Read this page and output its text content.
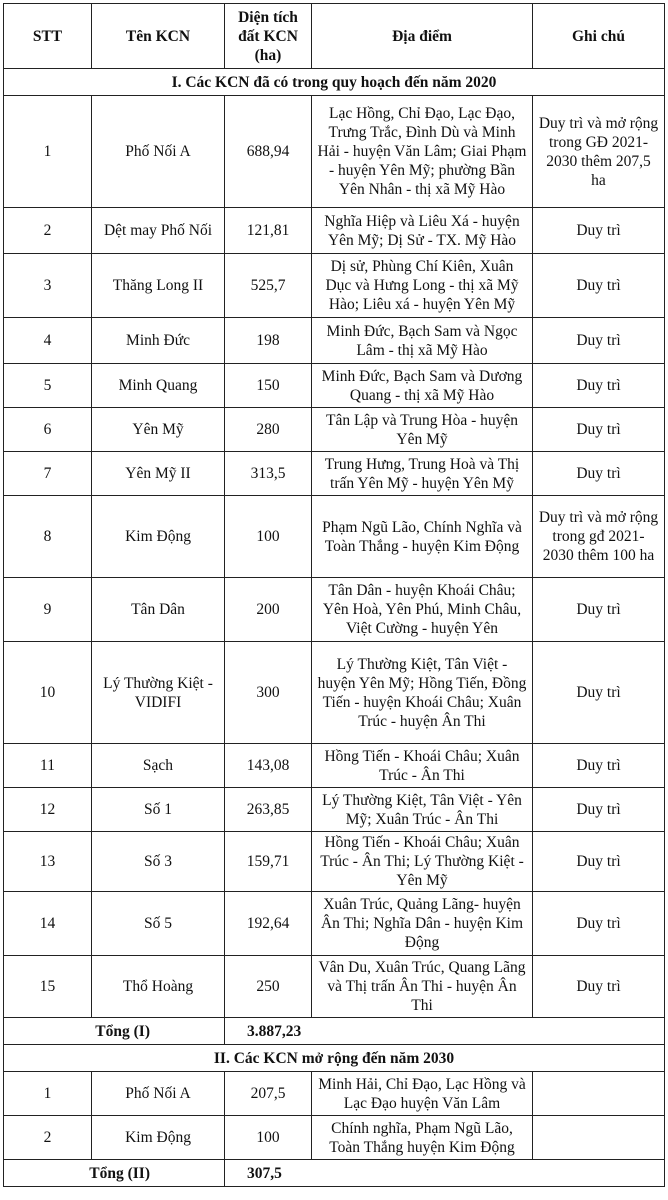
STT	Tên KCN	Diện tích đất KCN (ha)	Địa điểm	Ghi chú
I. Các KCN đã có trong quy hoạch đến năm 2020				
1	Phố Nối A	688,94	Lạc Hồng, Chỉ Đạo, Lạc Đạo, Trưng Trắc, Đình Dù và Minh Hải - huyện Văn Lâm; Giai Phạm - huyện Yên Mỹ; phường Bần Yên Nhân - thị xã Mỹ Hào	Duy trì và mở rộng trong GĐ 2021-2030 thêm 207,5 ha
2	Dệt may Phố Nối	121,81	Nghĩa Hiệp và Liêu Xá - huyện Yên Mỹ; Dị Sử - TX. Mỹ Hào	Duy trì
3	Thăng Long II	525,7	Dị sử, Phùng Chí Kiên, Xuân Dục và Hưng Long - thị xã Mỹ Hào; Liêu xá - huyện Yên Mỹ	Duy trì
4	Minh Đức	198	Minh Đức, Bạch Sam và Ngọc Lâm - thị xã Mỹ Hào	Duy trì
5	Minh Quang	150	Minh Đức, Bạch Sam và Dương Quang - thị xã Mỹ Hào	Duy trì
6	Yên Mỹ	280	Tân Lập và Trung Hòa - huyện Yên Mỹ	Duy trì
7	Yên Mỹ II	313,5	Trung Hưng, Trung Hoà và Thị trấn Yên Mỹ - huyện Yên Mỹ	Duy trì
8	Kim Động	100	Phạm Ngũ Lão, Chính Nghĩa và Toàn Thắng - huyện Kim Động	Duy trì và mở rộng trong gđ 2021-2030 thêm 100 ha
9	Tân Dân	200	Tân Dân - huyện Khoái Châu; Yên Hoà, Yên Phú, Minh Châu, Việt Cường - huyện Yên	Duy trì
10	Lý Thường Kiệt - VIDIFI	300	Lý Thường Kiệt, Tân Việt - huyện Yên Mỹ; Hồng Tiến, Đồng Tiến - huyện Khoái Châu; Xuân Trúc - huyện Ân Thi	Duy trì
11	Sạch	143,08	Hồng Tiến - Khoái Châu; Xuân Trúc - Ân Thi	Duy trì
12	Số 1	263,85	Lý Thường Kiệt, Tân Việt - Yên Mỹ; Xuân Trúc - Ân Thi	Duy trì
13	Số 3	159,71	Hồng Tiến - Khoái Châu; Xuân Trúc - Ân Thi; Lý Thường Kiệt - Yên Mỹ	Duy trì
14	Số 5	192,64	Xuân Trúc, Quảng Lãng- huyện Ân Thi; Nghĩa Dân - huyện Kim Động	Duy trì
15	Thổ Hoàng	250	Vân Du, Xuân Trúc, Quang Lãng và Thị trấn Ân Thi - huyện Ân Thi	Duy trì
Tổng (I)		3.887,23		
II. Các KCN mở rộng đến năm 2030				
1	Phố Nối A	207,5	Minh Hải, Chỉ Đạo, Lạc Hồng và Lạc Đạo huyện Văn Lâm	
2	Kim Động	100	Chính nghĩa, Phạm Ngũ Lão, Toàn Thắng huyện Kim Động	
Tổng (II)		307,5		
